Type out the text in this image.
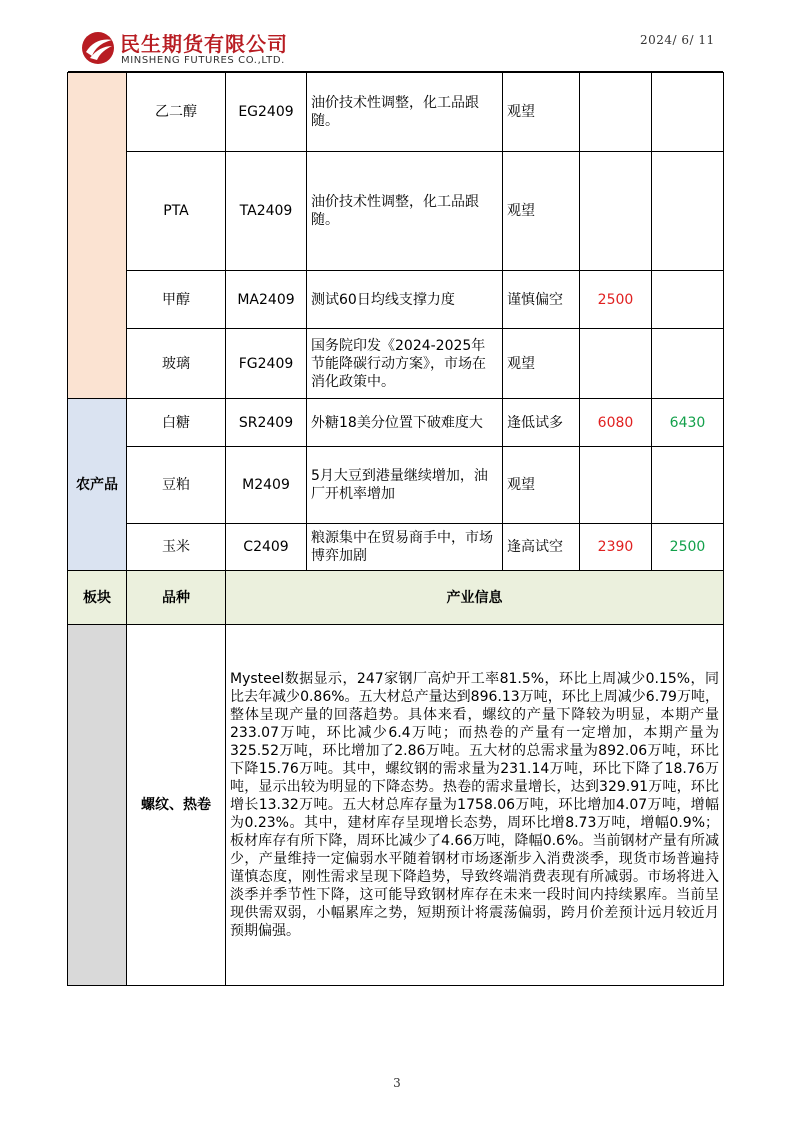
民生期货有限公司
MINSHENG FUTURES CO.,LTD.
2024/ 6/ 11
	乙二醇	EG2409	油价技术性调整，化工品跟随。	观望		
	PTA	TA2409	油价技术性调整，化工品跟随。	观望		
	甲醇	MA2409	测试60日均线支撑力度	谨慎偏空	2500	
	玻璃	FG2409	国务院印发《2024-2025年节能降碳行动方案》，市场在消化政策中。	观望		
农产品	白糖	SR2409	外糖18美分位置下破难度大	逢低试多	6080	6430
	豆粕	M2409	5月大豆到港量继续增加，油厂开机率增加	观望		
	玉米	C2409	粮源集中在贸易商手中，市场博弈加剧	逢高试空	2390	2500
板块	品种	产业信息				
	螺纹、热卷	Mysteel数据显示，247家钢厂高炉开工率81.5%，环比上周减少0.15%，同比去年减少0.86%。五大材总产量达到896.13万吨，环比上周减少6.79万吨，整体呈现产量的回落趋势。具体来看，螺纹的产量下降较为明显，本期产量233.07万吨，环比减少6.4万吨；而热卷的产量有一定增加，本期产量为325.52万吨，环比增加了2.86万吨。五大材的总需求量为892.06万吨，环比下降15.76万吨。其中，螺纹钢的需求量为231.14万吨，环比下降了18.76万吨，显示出较为明显的下降态势。热卷的需求量增长，达到329.91万吨，环比增长13.32万吨。五大材总库存量为1758.06万吨，环比增加4.07万吨，增幅为0.23%。其中，建材库存呈现增长态势，周环比增8.73万吨，增幅0.9%；板材库存有所下降，周环比减少了4.66万吨，降幅0.6%。当前钢材产量有所减少，产量维持一定偏弱水平随着钢材市场逐渐步入消费淡季，现货市场普遍持谨慎态度，刚性需求呈现下降趋势，导致终端消费表现有所减弱。市场将进入淡季并季节性下降，这可能导致钢材库存在未来一段时间内持续累库。当前呈现供需双弱，小幅累库之势，短期预计将震荡偏弱，跨月价差预计远月较近月预期偏强。				
3
